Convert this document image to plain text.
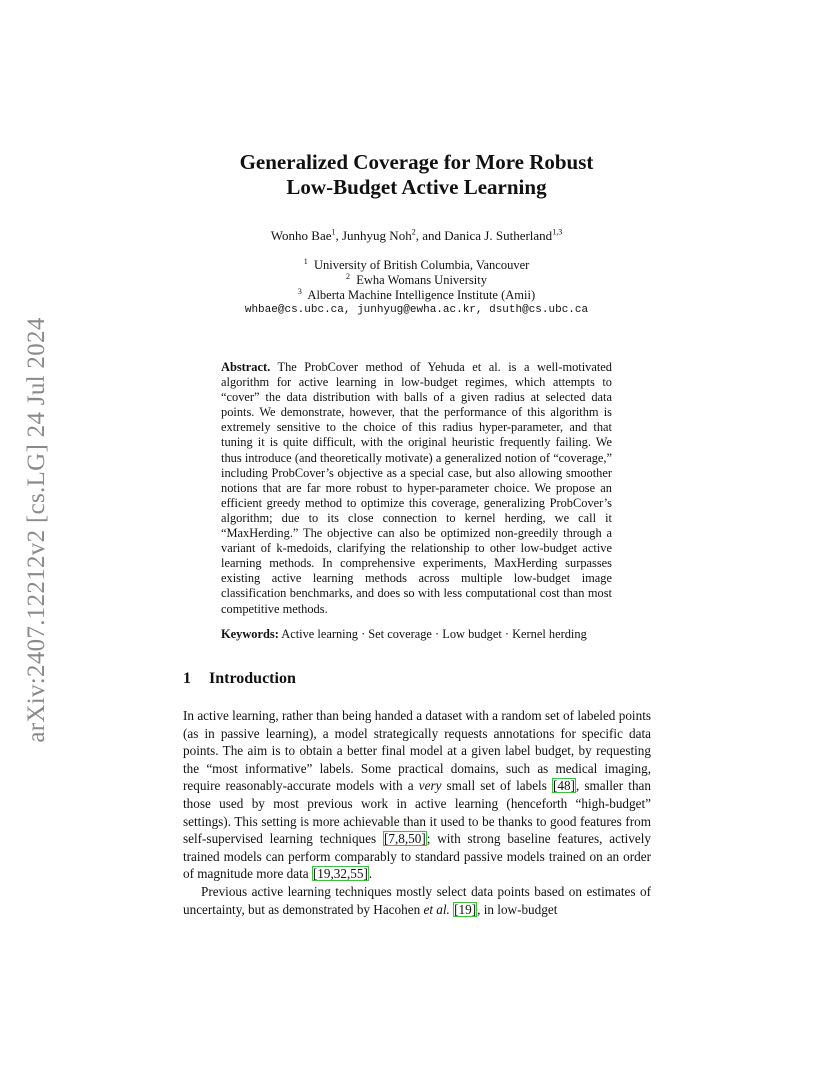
arXiv:2407.12212v2 [cs.LG] 24 Jul 2024
Generalized Coverage for More Robust
Low-Budget Active Learning
Wonho Bae$^1$, Junhyug Noh$^2$, and Danica J. Sutherland$^{1,3}$
$^1$ University of British Columbia, Vancouver
$^2$ Ewha Womans University
$^3$ Alberta Machine Intelligence Institute (Amii)
whbae@cs.ubc.ca, junhyug@ewha.ac.kr, dsuth@cs.ubc.ca
Abstract. The ProbCover method of Yehuda et al. is a well-motivated algorithm for active learning in low-budget regimes, which attempts to “cover” the data distribution with balls of a given radius at selected data points. We demonstrate, however, that the performance of this algorithm is extremely sensitive to the choice of this radius hyper-parameter, and that tuning it is quite difficult, with the original heuristic frequently failing. We thus introduce (and theoretically motivate) a generalized notion of “coverage,” including ProbCover’s objective as a special case, but also allowing smoother notions that are far more robust to hyper-parameter choice. We propose an efficient greedy method to optimize this coverage, generalizing ProbCover’s algorithm; due to its close connection to kernel herding, we call it “MaxHerding.” The objective can also be optimized non-greedily through a variant of k-medoids, clarifying the relationship to other low-budget active learning methods. In comprehensive experiments, MaxHerding surpasses existing active learning methods across multiple low-budget image classification benchmarks, and does so with less computational cost than most competitive methods.
Keywords: Active learning · Set coverage · Low budget · Kernel herding
1 Introduction

In active learning, rather than being handed a dataset with a random set of labeled points (as in passive learning), a model strategically requests annotations for specific data points. The aim is to obtain a better final model at a given label budget, by requesting the “most informative” labels. Some practical domains, such as medical imaging, require reasonably-accurate models with a very small set of labels [48], smaller than those used by most previous work in active learning (henceforth “high-budget” settings). This setting is more achievable than it used to be thanks to good features from self-supervised learning techniques [7,8,50]; with strong baseline features, actively trained models can perform comparably to standard passive models trained on an order of magnitude more data [19,32,55].

Previous active learning techniques mostly select data points based on estimates of uncertainty, but as demonstrated by Hacohen et al. [19], in low-budget
